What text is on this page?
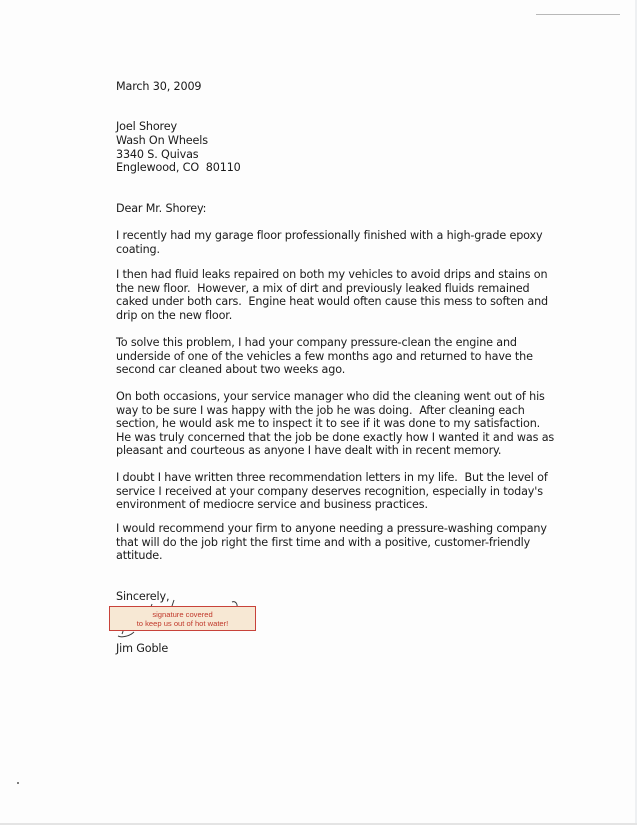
March 30, 2009
Joel Shorey
Wash On Wheels
3340 S. Quivas
Englewood, CO  80110
Dear Mr. Shorey:
I recently had my garage floor professionally finished with a high-grade epoxy
coating.
I then had fluid leaks repaired on both my vehicles to avoid drips and stains on
the new floor.  However, a mix of dirt and previously leaked fluids remained
caked under both cars.  Engine heat would often cause this mess to soften and
drip on the new floor.
To solve this problem, I had your company pressure-clean the engine and
underside of one of the vehicles a few months ago and returned to have the
second car cleaned about two weeks ago.
On both occasions, your service manager who did the cleaning went out of his
way to be sure I was happy with the job he was doing.  After cleaning each
section, he would ask me to inspect it to see if it was done to my satisfaction.
He was truly concerned that the job be done exactly how I wanted it and was as
pleasant and courteous as anyone I have dealt with in recent memory.
I doubt I have written three recommendation letters in my life.  But the level of
service I received at your company deserves recognition, especially in today's
environment of mediocre service and business practices.
I would recommend your firm to anyone needing a pressure-washing company
that will do the job right the first time and with a positive, customer-friendly
attitude.
Sincerely,
signature covered
to keep us out of hot water!
Jim Goble
